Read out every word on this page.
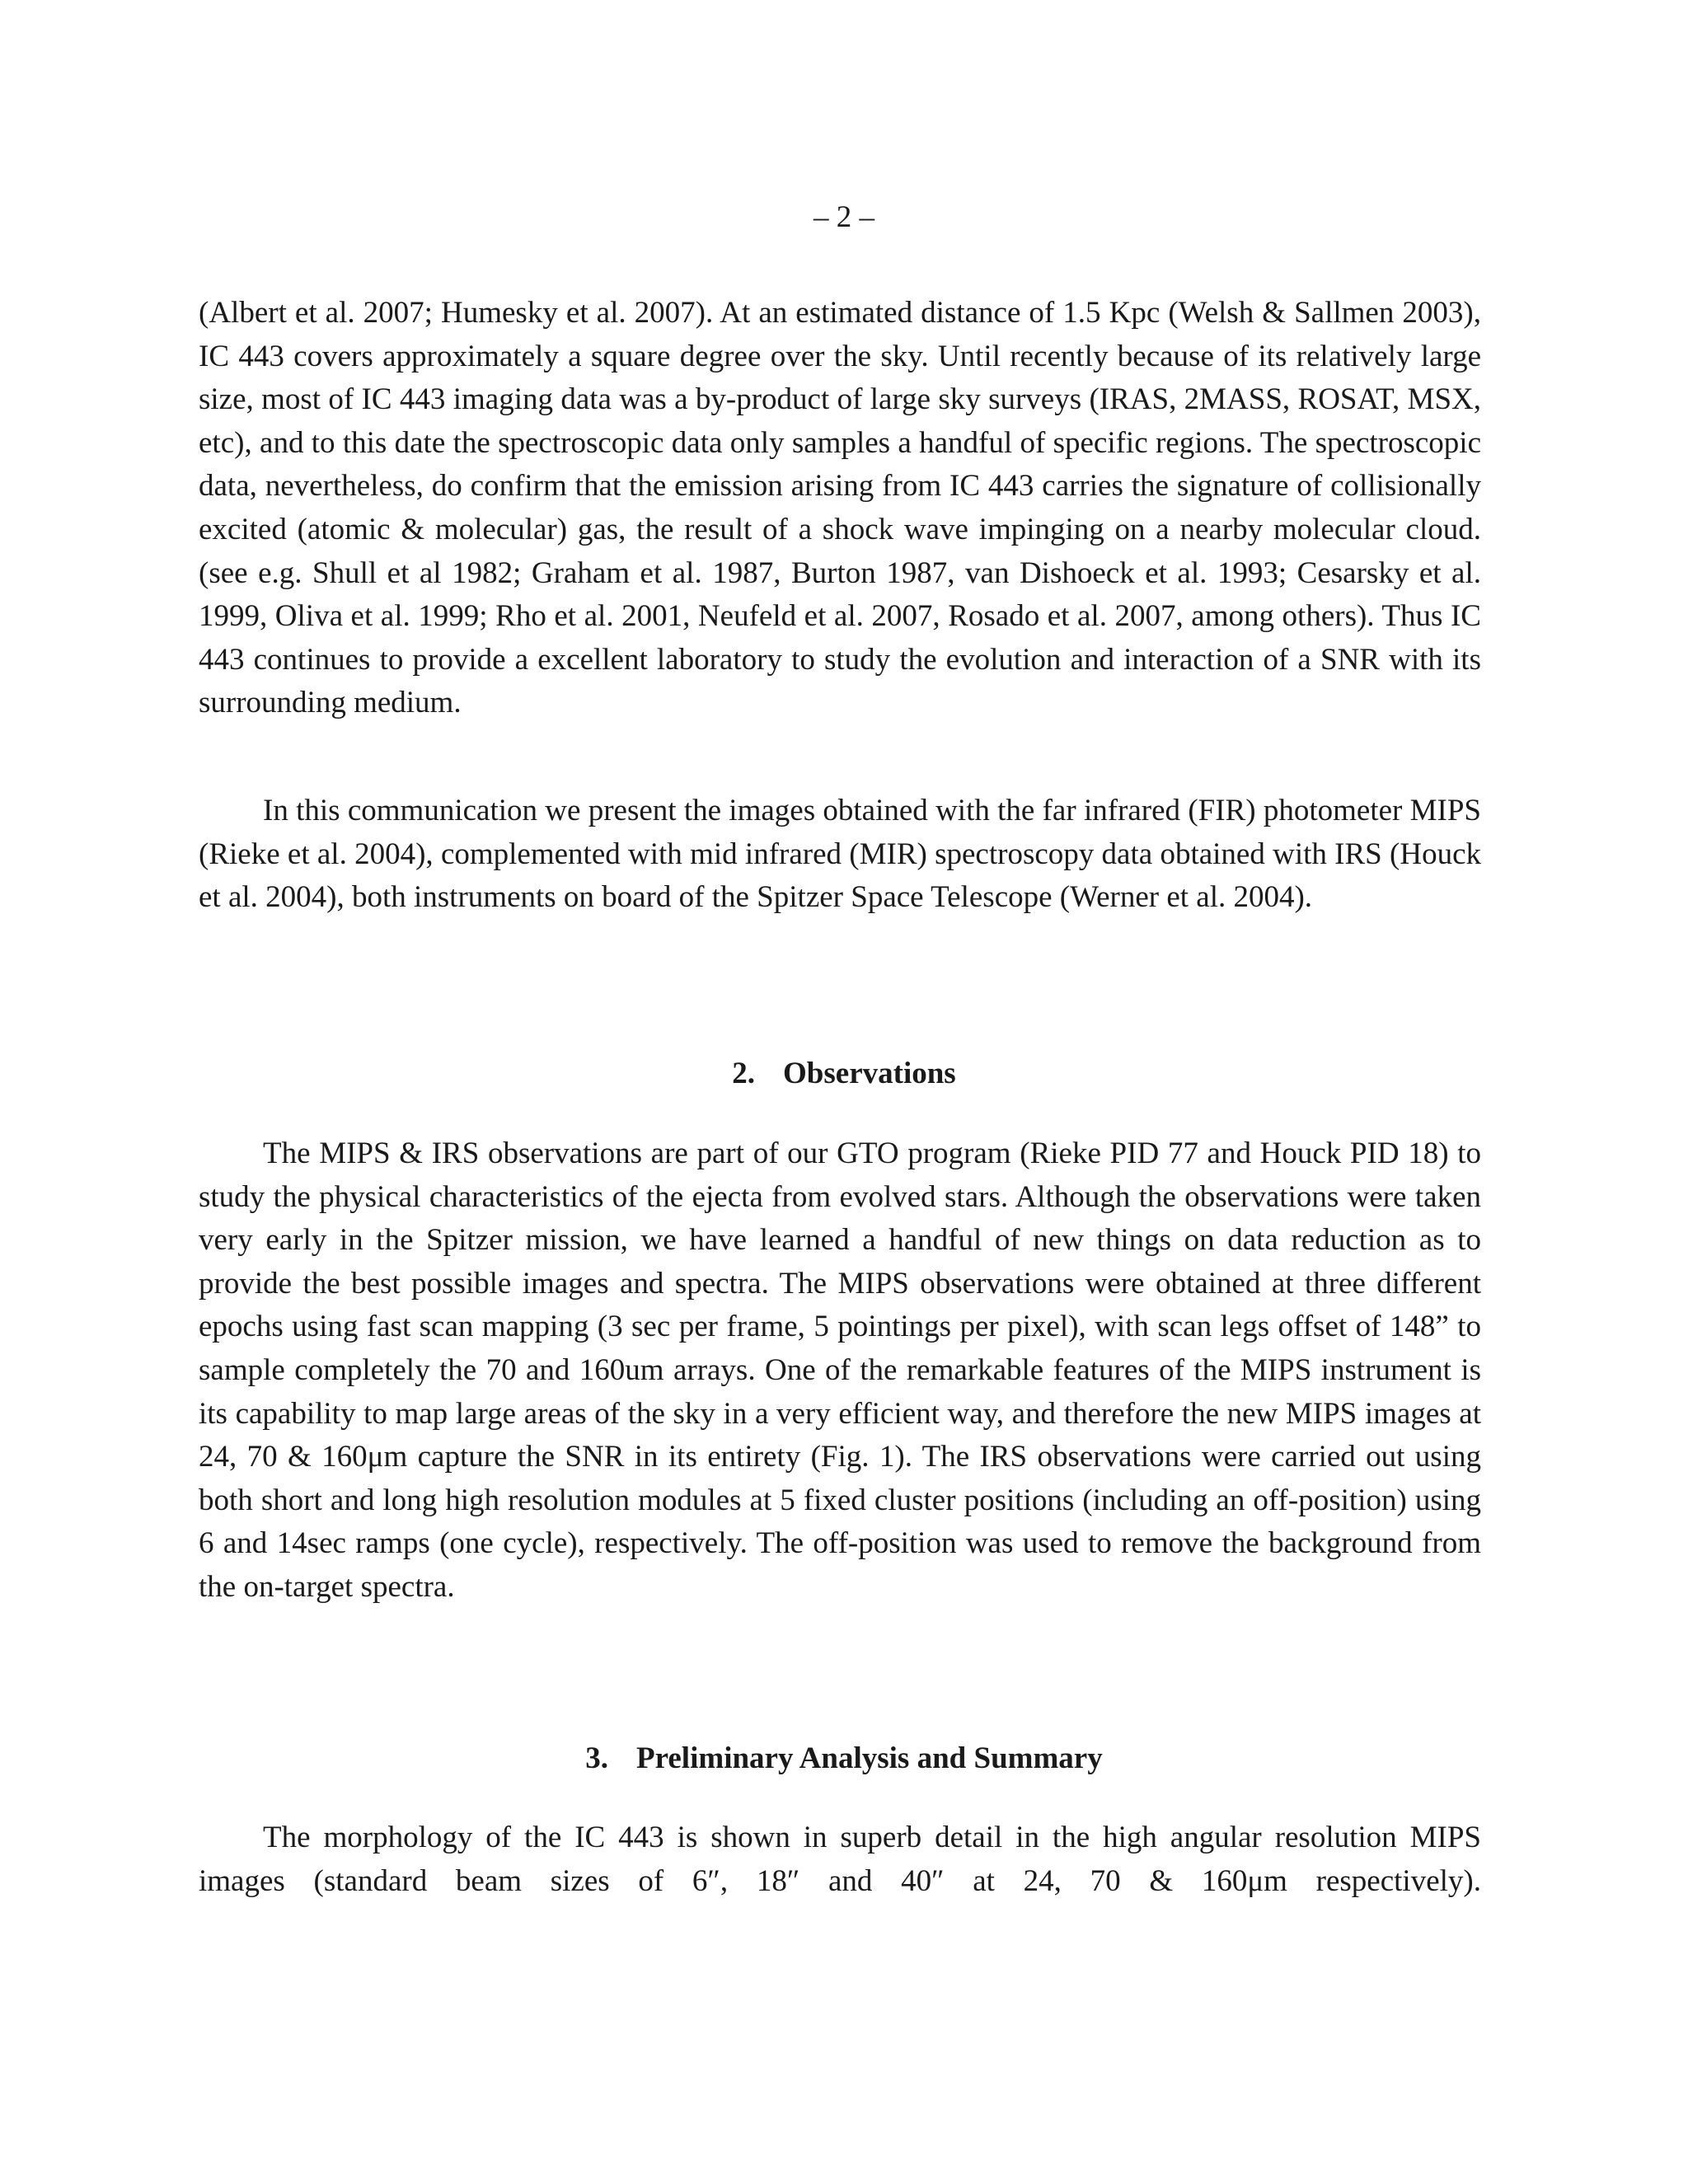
– 2 –

(Albert et al. 2007; Humesky et al. 2007). At an estimated distance of 1.5 Kpc (Welsh & Sallmen 2003), IC 443 covers approximately a square degree over the sky. Until recently because of its relatively large size, most of IC 443 imaging data was a by-product of large sky surveys (IRAS, 2MASS, ROSAT, MSX, etc), and to this date the spectroscopic data only samples a handful of specific regions. The spectroscopic data, nevertheless, do confirm that the emission arising from IC 443 carries the signature of collisionally excited (atomic & molecular) gas, the result of a shock wave impinging on a nearby molecular cloud. (see e.g. Shull et al 1982; Graham et al. 1987, Burton 1987, van Dishoeck et al. 1993; Cesarsky et al. 1999, Oliva et al. 1999; Rho et al. 2001, Neufeld et al. 2007, Rosado et al. 2007, among others). Thus IC 443 continues to provide a excellent laboratory to study the evolution and interaction of a SNR with its surrounding medium.

In this communication we present the images obtained with the far infrared (FIR) photometer MIPS (Rieke et al. 2004), complemented with mid infrared (MIR) spectroscopy data obtained with IRS (Houck et al. 2004), both instruments on board of the Spitzer Space Telescope (Werner et al. 2004).

2. Observations

The MIPS & IRS observations are part of our GTO program (Rieke PID 77 and Houck PID 18) to study the physical characteristics of the ejecta from evolved stars. Although the observations were taken very early in the Spitzer mission, we have learned a handful of new things on data reduction as to provide the best possible images and spectra. The MIPS observations were obtained at three different epochs using fast scan mapping (3 sec per frame, 5 pointings per pixel), with scan legs offset of 148” to sample completely the 70 and 160um arrays. One of the remarkable features of the MIPS instrument is its capability to map large areas of the sky in a very efficient way, and therefore the new MIPS images at 24, 70 & 160μm capture the SNR in its entirety (Fig. 1). The IRS observations were carried out using both short and long high resolution modules at 5 fixed cluster positions (including an off-position) using 6 and 14sec ramps (one cycle), respectively. The off-position was used to remove the background from the on-target spectra.

3. Preliminary Analysis and Summary

The morphology of the IC 443 is shown in superb detail in the high angular resolution MIPS images (standard beam sizes of 6″, 18″ and 40″ at 24, 70 & 160μm respectively).
